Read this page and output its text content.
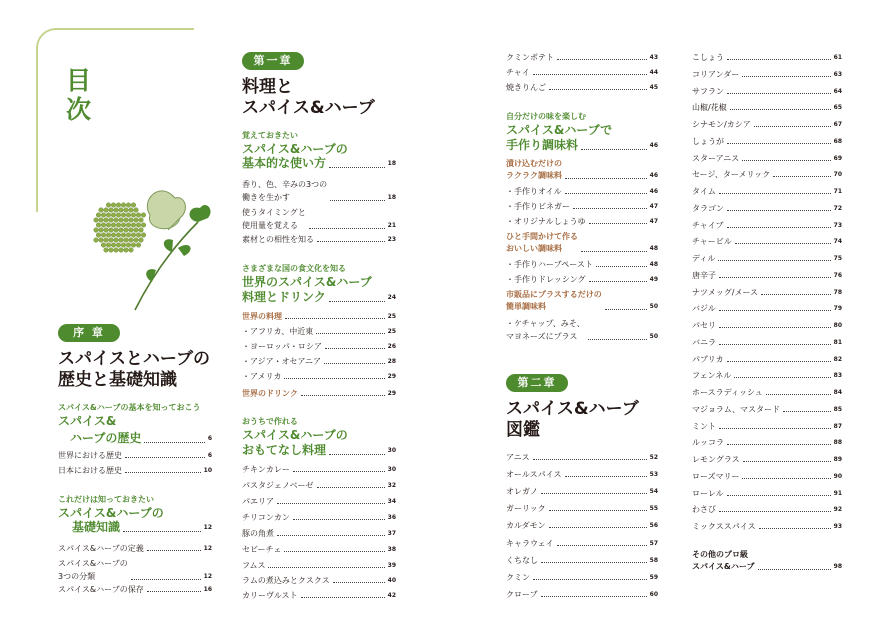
目
次
序 章
スパイスとハーブの
歴史と基礎知識
スパイス&ハーブの基本を知っておこう
スパイス&
ハーブの歴史	6
世界における歴史	6
日本における歴史	10
これだけは知っておきたい
スパイス&ハーブの
基礎知識	12
スパイス&ハーブの定義	12
スパイス&ハーブの
3つの分類	12
スパイス&ハーブの保存	16
第一章
料理と
スパイス&ハーブ
覚えておきたい
スパイス&ハーブの
基本的な使い方	18
香り、色、辛みの3つの
働きを生かす	18
使うタイミングと
使用量を覚える	21
素材との相性を知る	23
さまざまな国の食文化を知る
世界のスパイス&ハーブ
料理とドリンク	24
世界の料理	25
・アフリカ、中近東	25
・ヨーロッパ・ロシア	26
・アジア・オセアニア	28
・アメリカ	29
世界のドリンク	29
おうちで作れる
スパイス&ハーブの
おもてなし料理	30
チキンカレー	30
パスタジェノベーゼ	32
パエリア	34
チリコンカン	36
豚の角煮	37
セビーチェ	38
フムス	39
ラムの煮込みとクスクス	40
カリーヴルスト	42
クミンポテト	43
チャイ	44
焼きりんご	45
自分だけの味を楽しむ
スパイス&ハーブで
手作り調味料	46
漬け込むだけの
ラクラク調味料	46
・手作りオイル	46
・手作りビネガー	47
・オリジナルしょうゆ	47
ひと手間かけて作る
おいしい調味料	48
・手作りハーブペースト	48
・手作りドレッシング	49
市販品にプラスするだけの
簡単調味料	50
・ケチャップ、みそ、
マヨネーズにプラス	50
第二章
スパイス&ハーブ
図鑑
アニス	52
オールスパイス	53
オレガノ	54
ガーリック	55
カルダモン	56
キャラウェイ	57
くちなし	58
クミン	59
クローブ	60
こしょう	61
コリアンダー	63
サフラン	64
山椒/花椒	65
シナモン/カシア	67
しょうが	68
スターアニス	69
セージ、ターメリック	70
タイム	71
タラゴン	72
チャイブ	73
チャービル	74
ディル	75
唐辛子	76
ナツメッグ/メース	78
バジル	79
パセリ	80
バニラ	81
パプリカ	82
フェンネル	83
ホースラディッシュ	84
マジョラム、マスタード	85
ミント	87
ルッコラ	88
レモングラス	89
ローズマリー	90
ローレル	91
わさび	92
ミックススパイス	93
その他のプロ級
スパイス&ハーブ	98
